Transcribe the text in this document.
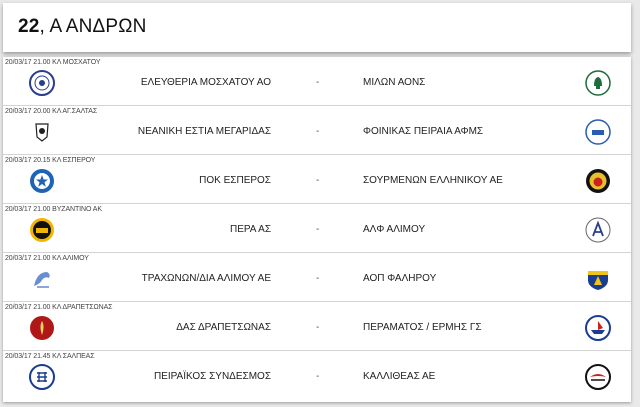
22, Α ΑΝΔΡΩΝ
20/03/17 21.00 ΚΛ ΜΟΣΧΑΤΟΥ
ΕΛΕΥΘΕΡΙΑ ΜΟΣΧΑΤΟΥ ΑΟ	-	ΜΙΛΩΝ ΑΟΝΣ
20/03/17 20.00 ΚΛ ΑΓ.ΣΑΛΤΑΣ
ΝΕΑΝΙΚΗ ΕΣΤΙΑ ΜΕΓΑΡΙΔΑΣ	-	ΦΟΙΝΙΚΑΣ ΠΕΙΡΑΙΑ ΑΦΜΣ
20/03/17 20.15 ΚΛ ΕΣΠΕΡΟΥ
ΠΟΚ ΕΣΠΕΡΟΣ	-	ΣΟΥΡΜΕΝΩΝ ΕΛΛΗΝΙΚΟΥ ΑΕ
20/03/17 21.00 ΒΥΖΑΝΤΙΝΟ ΑΚ
ΠΕΡΑ ΑΣ	-	ΑΛΦ ΑΛΙΜΟΥ
20/03/17 21.00 ΚΛ ΑΛΙΜΟΥ
ΤΡΑΧΩΝΩΝ/ΔΙΑ ΑΛΙΜΟΥ ΑΕ	-	ΑΟΠ ΦΑΛΗΡΟΥ
20/03/17 21.00 ΚΛ ΔΡΑΠΕΤΣΩΝΑΣ
ΔΑΣ ΔΡΑΠΕΤΣΩΝΑΣ	-	ΠΕΡΑΜΑΤΟΣ / ΕΡΜΗΣ ΓΣ
20/03/17 21.45 ΚΛ ΣΑΛΠΕΑΣ
ΠΕΙΡΑΪΚΟΣ ΣΥΝΔΕΣΜΟΣ	-	ΚΑΛΛΙΘΕΑΣ ΑΕ
